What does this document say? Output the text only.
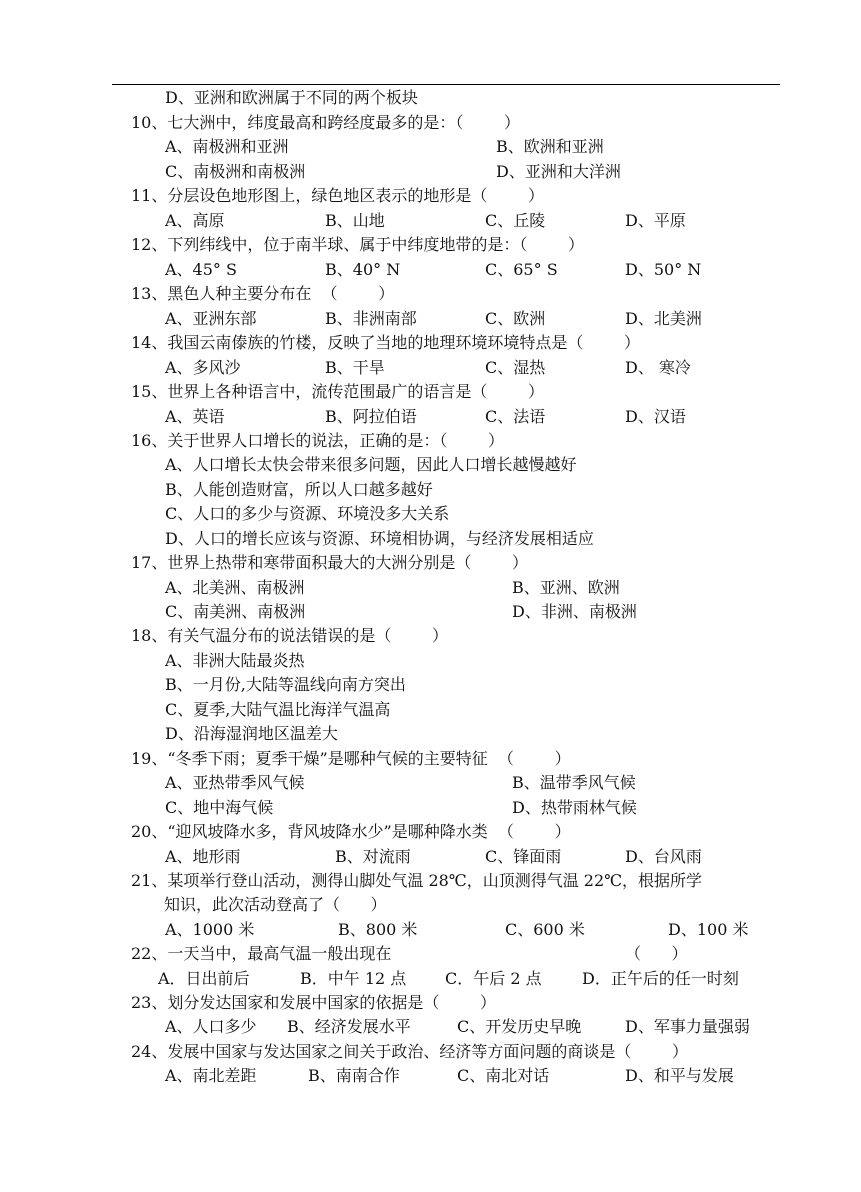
D、亚洲和欧洲属于不同的两个板块
10、七大洲中，纬度最高和跨经度最多的是：（        ）
A、南极洲和亚洲	B、欧洲和亚洲
C、南极洲和南极洲	D、亚洲和大洋洲
11、分层设色地形图上，绿色地区表示的地形是（        ）
A、高原	B、山地	C、丘陵	D、平原
12、下列纬线中，位于南半球、属于中纬度地带的是：（        ）
A、45° S	B、40° N	C、65° S	D、50° N
13、黑色人种主要分布在  （        ）
A、亚洲东部	B、非洲南部	C、欧洲	D、北美洲
14、我国云南傣族的竹楼，反映了当地的地理环境环境特点是（        ）
A、多风沙	B、干旱	C、湿热	D、 寒冷
15、世界上各种语言中，流传范围最广的语言是（        ）
A、英语	B、阿拉伯语	C、法语	D、汉语
16、关于世界人口增长的说法，正确的是：（        ）
A、人口增长太快会带来很多问题，因此人口增长越慢越好
B、人能创造财富，所以人口越多越好
C、人口的多少与资源、环境没多大关系
D、人口的增长应该与资源、环境相协调，与经济发展相适应
17、世界上热带和寒带面积最大的大洲分别是（        ）
A、北美洲、南极洲	B、亚洲、欧洲
C、南美洲、南极洲	D、非洲、南极洲
18、有关气温分布的说法错误的是（        ）
A、非洲大陆最炎热
B、一月份,大陆等温线向南方突出
C、夏季,大陆气温比海洋气温高
D、沿海湿润地区温差大
19、“冬季下雨；夏季干燥”是哪种气候的主要特征  （        ）
A、亚热带季风气候	B、温带季风气候
C、地中海气候	D、热带雨林气候
20、“迎风坡降水多，背风坡降水少”是哪种降水类  （        ）
A、地形雨	B、对流雨	C、锋面雨	D、台风雨
21、某项举行登山活动，测得山脚处气温 28℃，山顶测得气温 22℃，根据所学
知识，此次活动登高了（      ）
A、1000 米	B、800 米	C、600 米	D、100 米
22、一天当中，最高气温一般出现在	（      ）
A．日出前后	B．中午 12 点 C．午后 2 点	D．正午后的任一时刻
23、划分发达国家和发展中国家的依据是（        ）
A、人口多少 B、经济发展水平	C、开发历史早晚	D、军事力量强弱
24、发展中国家与发达国家之间关于政治、经济等方面问题的商谈是（        ）
A、南北差距	B、南南合作	C、南北对话	D、和平与发展
